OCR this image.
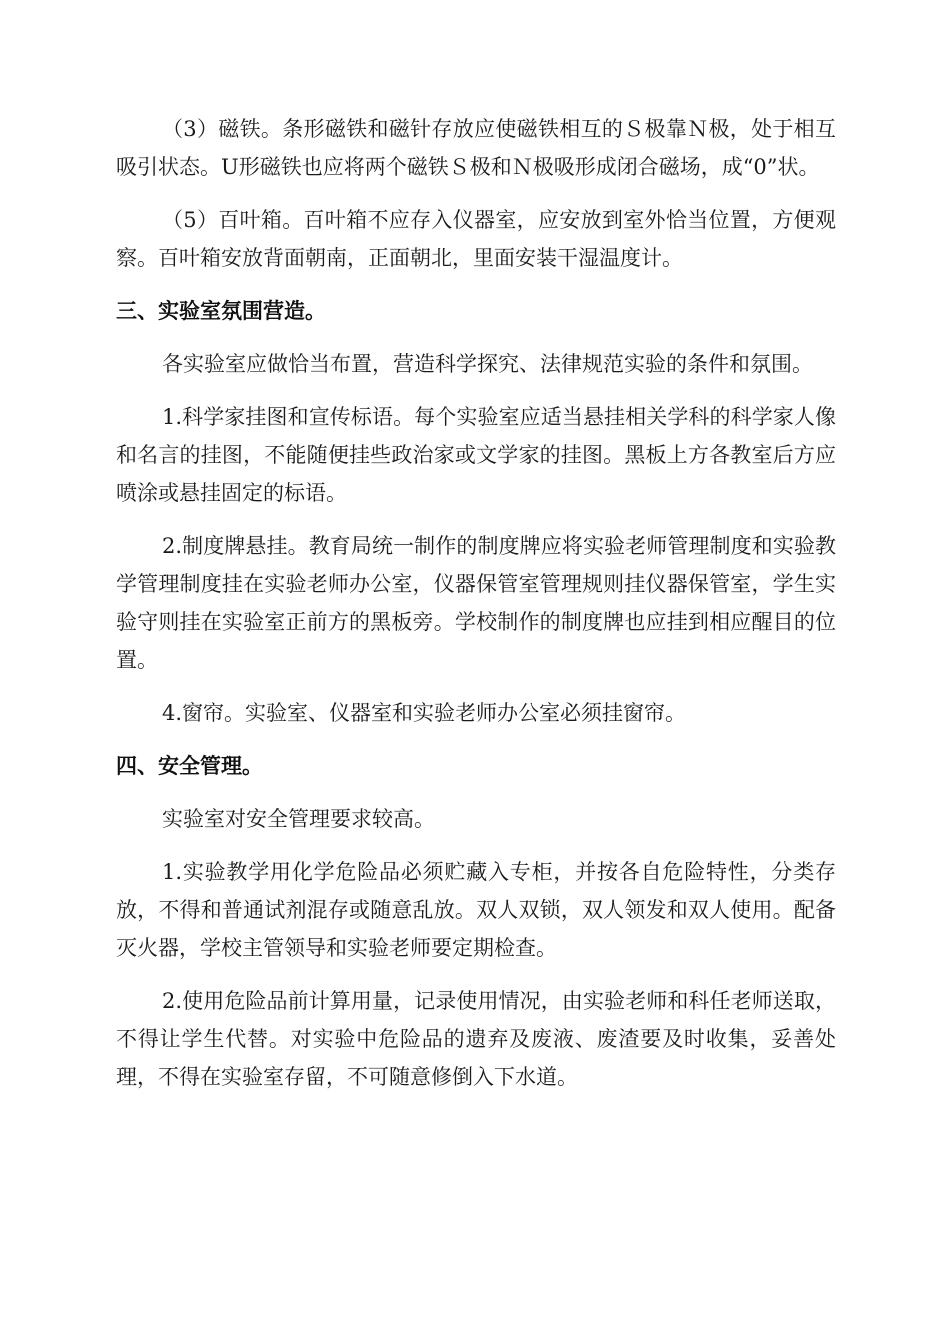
（3）磁铁。条形磁铁和磁针存放应使磁铁相互的Ｓ极靠Ｎ极，处于相互吸引状态。U形磁铁也应将两个磁铁Ｓ极和Ｎ极吸形成闭合磁场，成“0”状。

（5）百叶箱。百叶箱不应存入仪器室，应安放到室外恰当位置，方便观察。百叶箱安放背面朝南，正面朝北，里面安装干湿温度计。

三、实验室氛围营造。

各实验室应做恰当布置，营造科学探究、法律规范实验的条件和氛围。

1.科学家挂图和宣传标语。每个实验室应适当悬挂相关学科的科学家人像和名言的挂图，不能随便挂些政治家或文学家的挂图。黑板上方各教室后方应喷涂或悬挂固定的标语。

2.制度牌悬挂。教育局统一制作的制度牌应将实验老师管理制度和实验教学管理制度挂在实验老师办公室，仪器保管室管理规则挂仪器保管室，学生实验守则挂在实验室正前方的黑板旁。学校制作的制度牌也应挂到相应醒目的位置。

4.窗帘。实验室、仪器室和实验老师办公室必须挂窗帘。

四、安全管理。

实验室对安全管理要求较高。

1.实验教学用化学危险品必须贮藏入专柜，并按各自危险特性，分类存放，不得和普通试剂混存或随意乱放。双人双锁，双人领发和双人使用。配备灭火器，学校主管领导和实验老师要定期检查。

2.使用危险品前计算用量，记录使用情况，由实验老师和科任老师送取，不得让学生代替。对实验中危险品的遗弃及废液、废渣要及时收集，妥善处理，不得在实验室存留，不可随意修倒入下水道。
